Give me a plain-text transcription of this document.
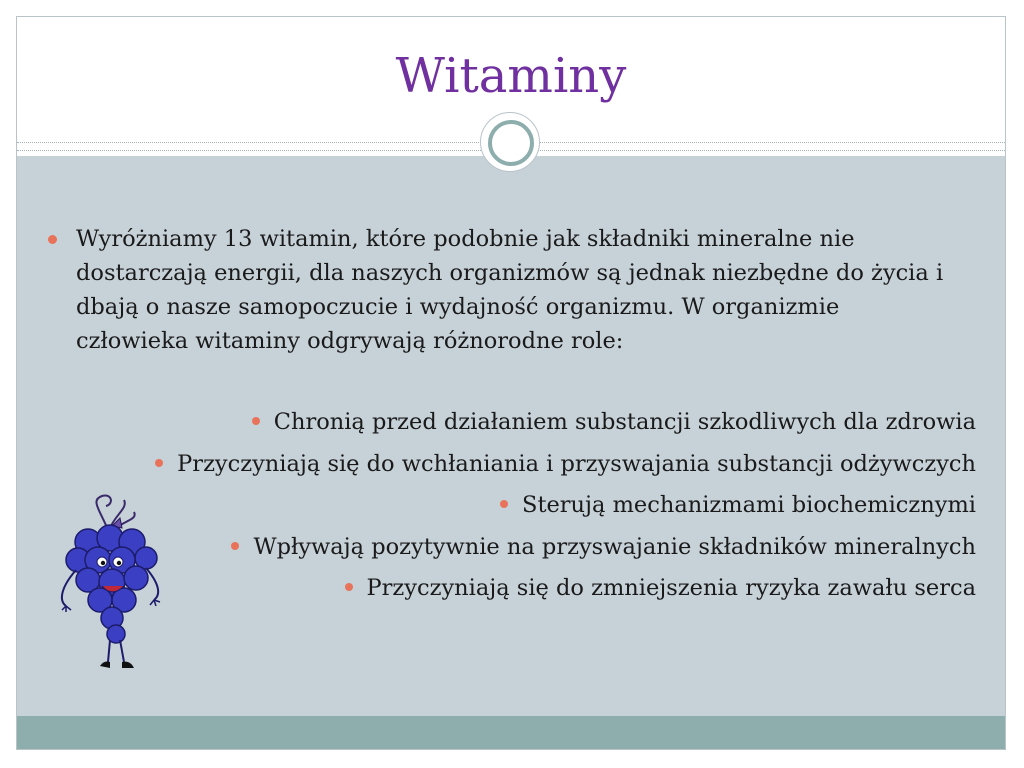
Witaminy
Wyróżniamy 13 witamin, które podobnie jak składniki mineralne nie dostarczają energii, dla naszych organizmów są jednak niezbędne do życia i dbają o nasze samopoczucie i wydajność organizmu. W organizmie człowieka witaminy odgrywają różnorodne role:
Chronią przed działaniem substancji szkodliwych dla zdrowia
Przyczyniają się do wchłaniania i przyswajania substancji odżywczych
Sterują mechanizmami biochemicznymi
Wpływają pozytywnie na przyswajanie składników mineralnych
Przyczyniają się do zmniejszenia ryzyka zawału serca
